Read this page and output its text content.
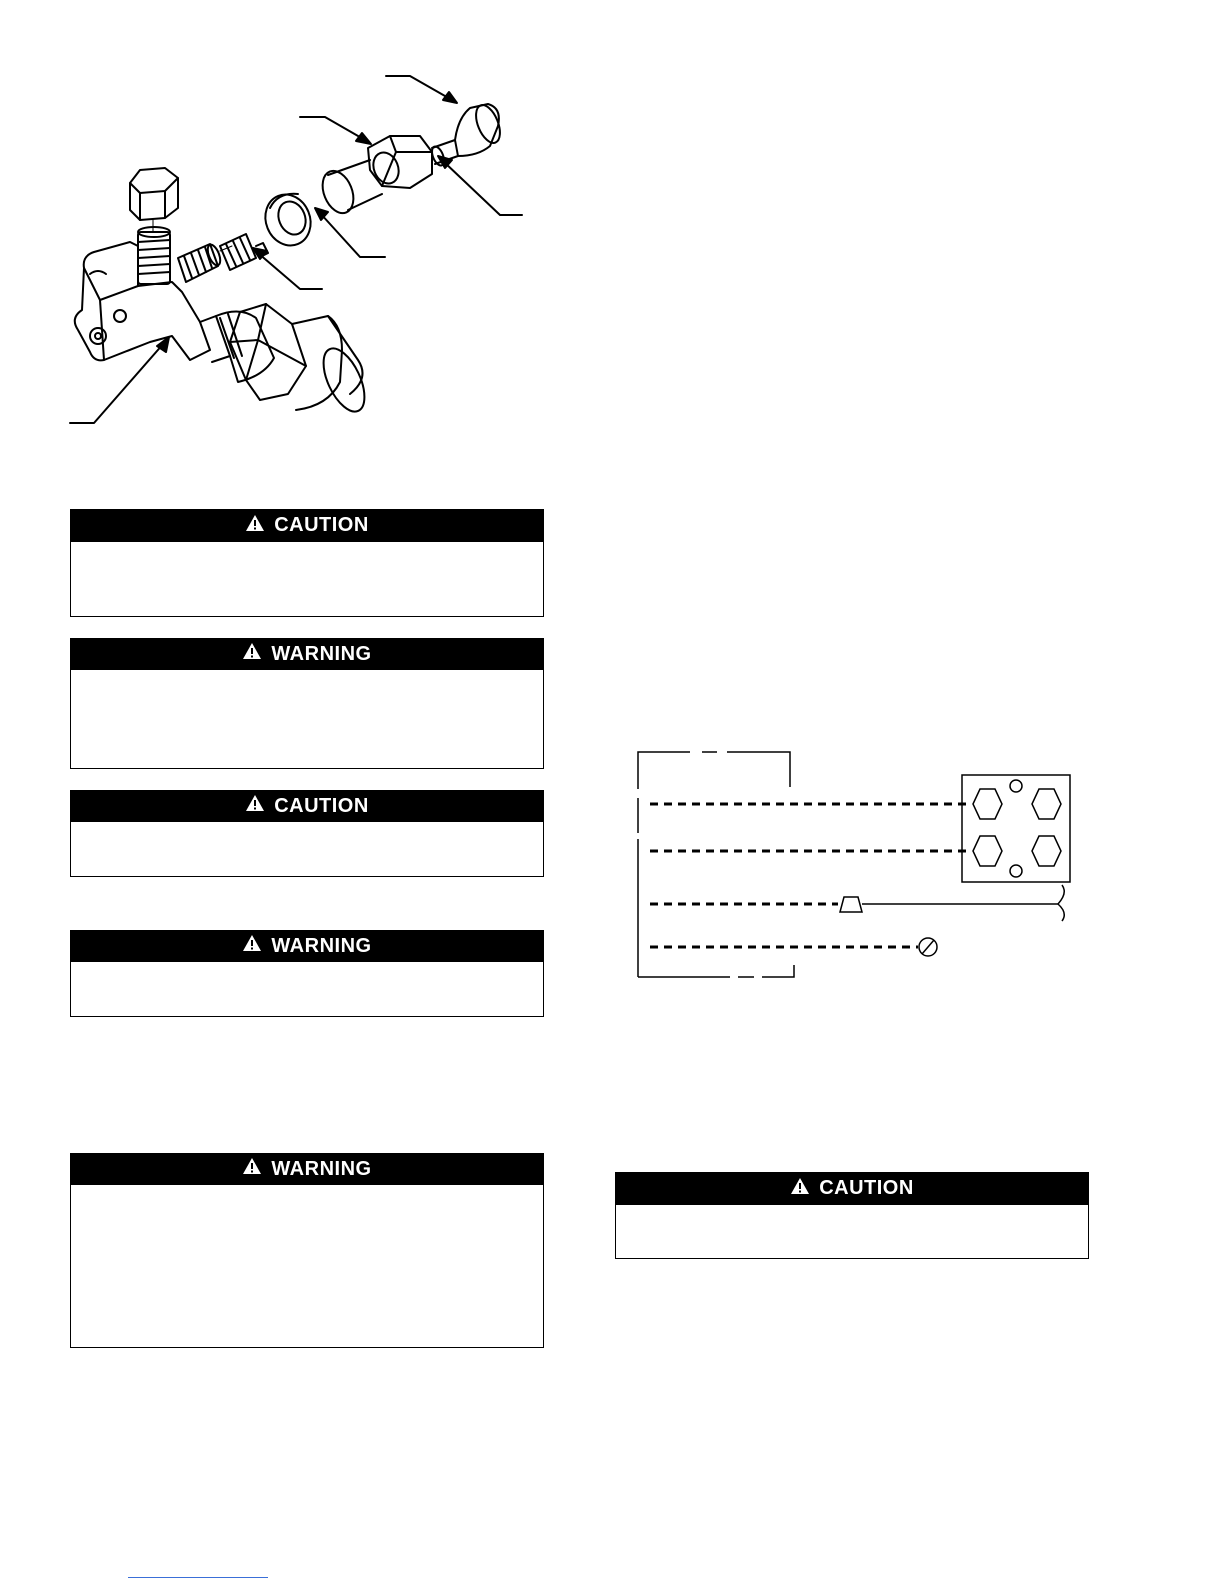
CAUTION
WARNING
CAUTION
WARNING
WARNING
CAUTION
